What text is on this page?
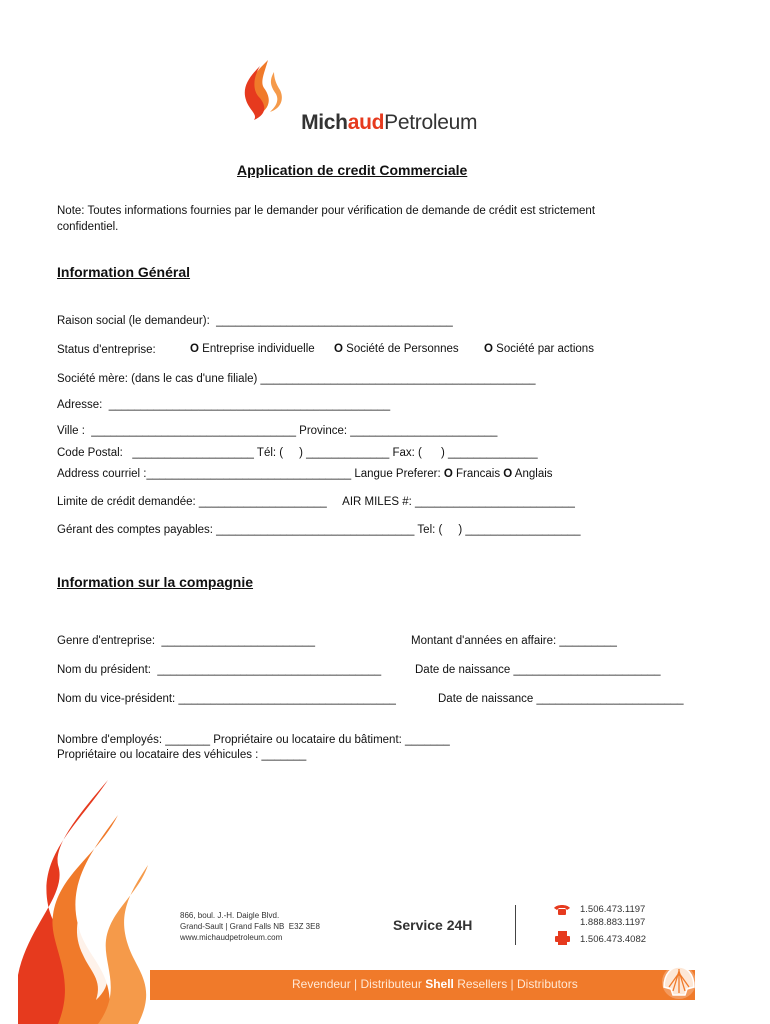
MichaudPetroleum

Application de credit Commerciale
Note: Toutes informations fournies par le demander pour vérification de demande de crédit est strictement
confidentiel.
Information Général
Raison social (le demandeur):  _____________________________________
Status d'entreprise:	O Entreprise individuelle O Société de Personnes O Société par actions
Société mère: (dans le cas d'une filiale) ___________________________________________
Adresse:  ____________________________________________
Ville :  ________________________________ Province: _______________________
Code Postal:   ___________________ Tél: (     ) _____________ Fax: (      ) ______________
Address courriel :________________________________ Langue Preferer: O Francais O Anglais
Limite de crédit demandée: ____________________     AIR MILES #: _________________________
Gérant des comptes payables: _______________________________ Tel: (     ) __________________
Information sur la compagnie
Genre d'entreprise:  ________________________	Montant d'années en affaire: _________
Nom du président:  ___________________________________	Date de naissance _______________________
Nom du vice-président: __________________________________	Date de naissance _______________________
Nombre d'employés: _______ Propriétaire ou locataire du bâtiment: _______
Propriétaire ou locataire des véhicules : _______
866, boul. J.-H. Daigle Blvd.
Grand-Sault | Grand Falls NB  E3Z 3E8
www.michaudpetroleum.com
Service 24H
1.506.473.1197
1.888.883.1197
1.506.473.4082
Revendeur | Distributeur Shell Resellers | Distributors
